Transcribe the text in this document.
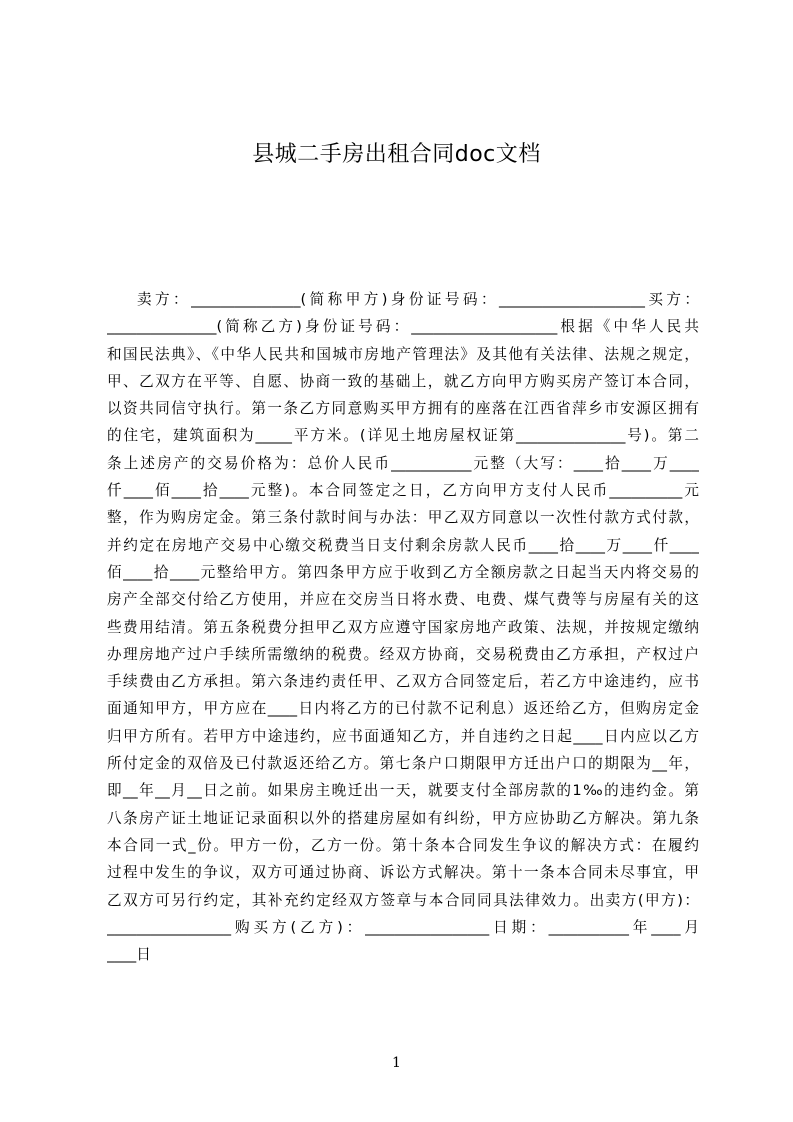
县城二手房出租合同doc文档
卖方：_______________(简称甲方)身份证号码：____________________买方：
_______________(简称乙方)身份证号码：____________________根据《中华人民共
和国民法典》、《中华人民共和国城市房地产管理法》及其他有关法律、法规之规定，
甲、乙双方在平等、自愿、协商一致的基础上，就乙方向甲方购买房产签订本合同，
以资共同信守执行。第一条乙方同意购买甲方拥有的座落在江西省萍乡市安源区拥有
的住宅，建筑面积为_____平方米。(详见土地房屋权证第_______________号)。第二
条上述房产的交易价格为：总价人民币___________元整（大写：____拾____万____
仟____佰____拾____元整)。本合同签定之日，乙方向甲方支付人民币__________元
整，作为购房定金。第三条付款时间与办法：甲乙双方同意以一次性付款方式付款，
并约定在房地产交易中心缴交税费当日支付剩余房款人民币____拾____万____仟____
佰____拾____元整给甲方。第四条甲方应于收到乙方全额房款之日起当天内将交易的
房产全部交付给乙方使用，并应在交房当日将水费、电费、煤气费等与房屋有关的这
些费用结清。第五条税费分担甲乙双方应遵守国家房地产政策、法规，并按规定缴纳
办理房地产过户手续所需缴纳的税费。经双方协商，交易税费由乙方承担，产权过户
手续费由乙方承担。第六条违约责任甲、乙双方合同签定后，若乙方中途违约，应书
面通知甲方，甲方应在____日内将乙方的已付款不记利息）返还给乙方，但购房定金
归甲方所有。若甲方中途违约，应书面通知乙方，并自违约之日起____日内应以乙方
所付定金的双倍及已付款返还给乙方。第七条户口期限甲方迁出户口的期限为__年，
即__年__月__日之前。如果房主晚迁出一天，就要支付全部房款的1‰的违约金。第
八条房产证土地证记录面积以外的搭建房屋如有纠纷，甲方应协助乙方解决。第九条
本合同一式_份。甲方一份，乙方一份。第十条本合同发生争议的解决方式：在履约
过程中发生的争议，双方可通过协商、诉讼方式解决。第十一条本合同未尽事宜，甲
乙双方可另行约定，其补充约定经双方签章与本合同同具法律效力。出卖方(甲方)：
_________________购买方(乙方)：_________________日期：___________年____月
____日
1
